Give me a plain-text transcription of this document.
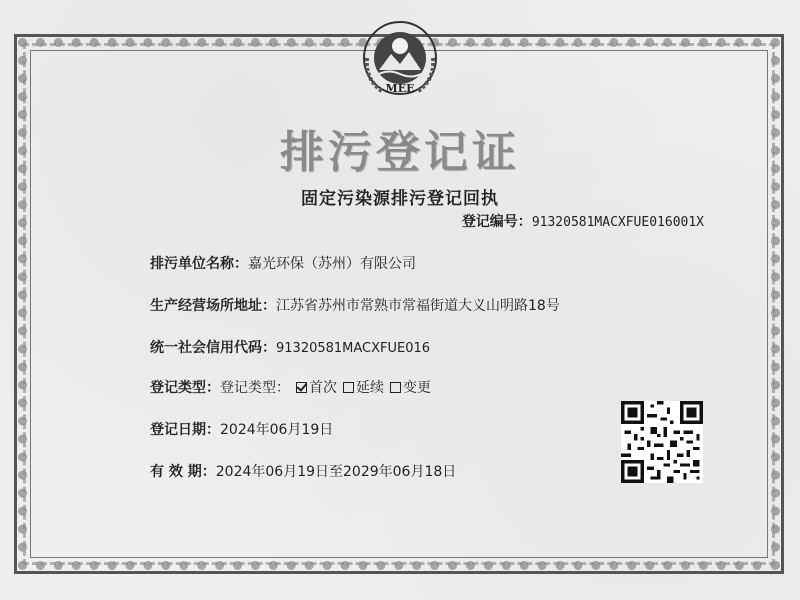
MEE
排污登记证
固定污染源排污登记回执
登记编号：91320581MACXFUE016001X
排污单位名称：嘉光环保（苏州）有限公司
生产经营场所地址：江苏省苏州市常熟市常福街道大义山明路18号
统一社会信用代码：91320581MACXFUE016
登记类型：登记类型： 首次 延续 变更
登记日期：2024年06月19日
有 效 期：2024年06月19日至2029年06月18日
